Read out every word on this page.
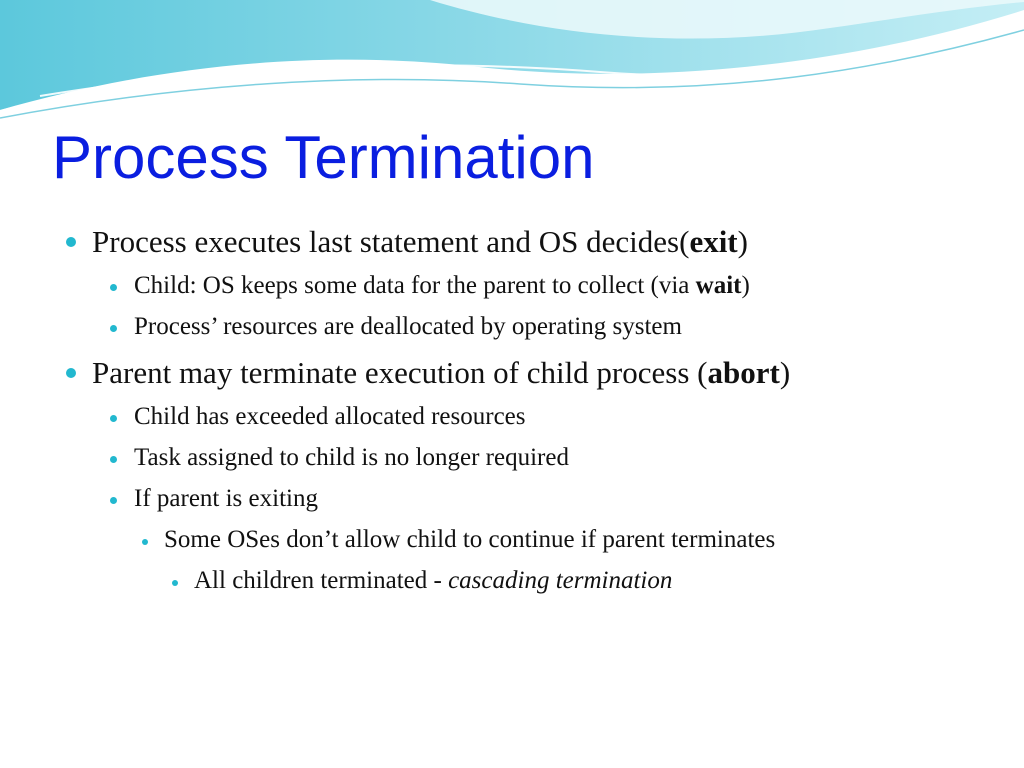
Process Termination
Process executes last statement and OS decides(exit)
Child: OS keeps some data for the parent to collect (via wait)
Process’ resources are deallocated by operating system
Parent may terminate execution of child process (abort)
Child has exceeded allocated resources
Task assigned to child is no longer required
If parent is exiting
Some OSes don’t allow child to continue if parent terminates
All children terminated - cascading termination
